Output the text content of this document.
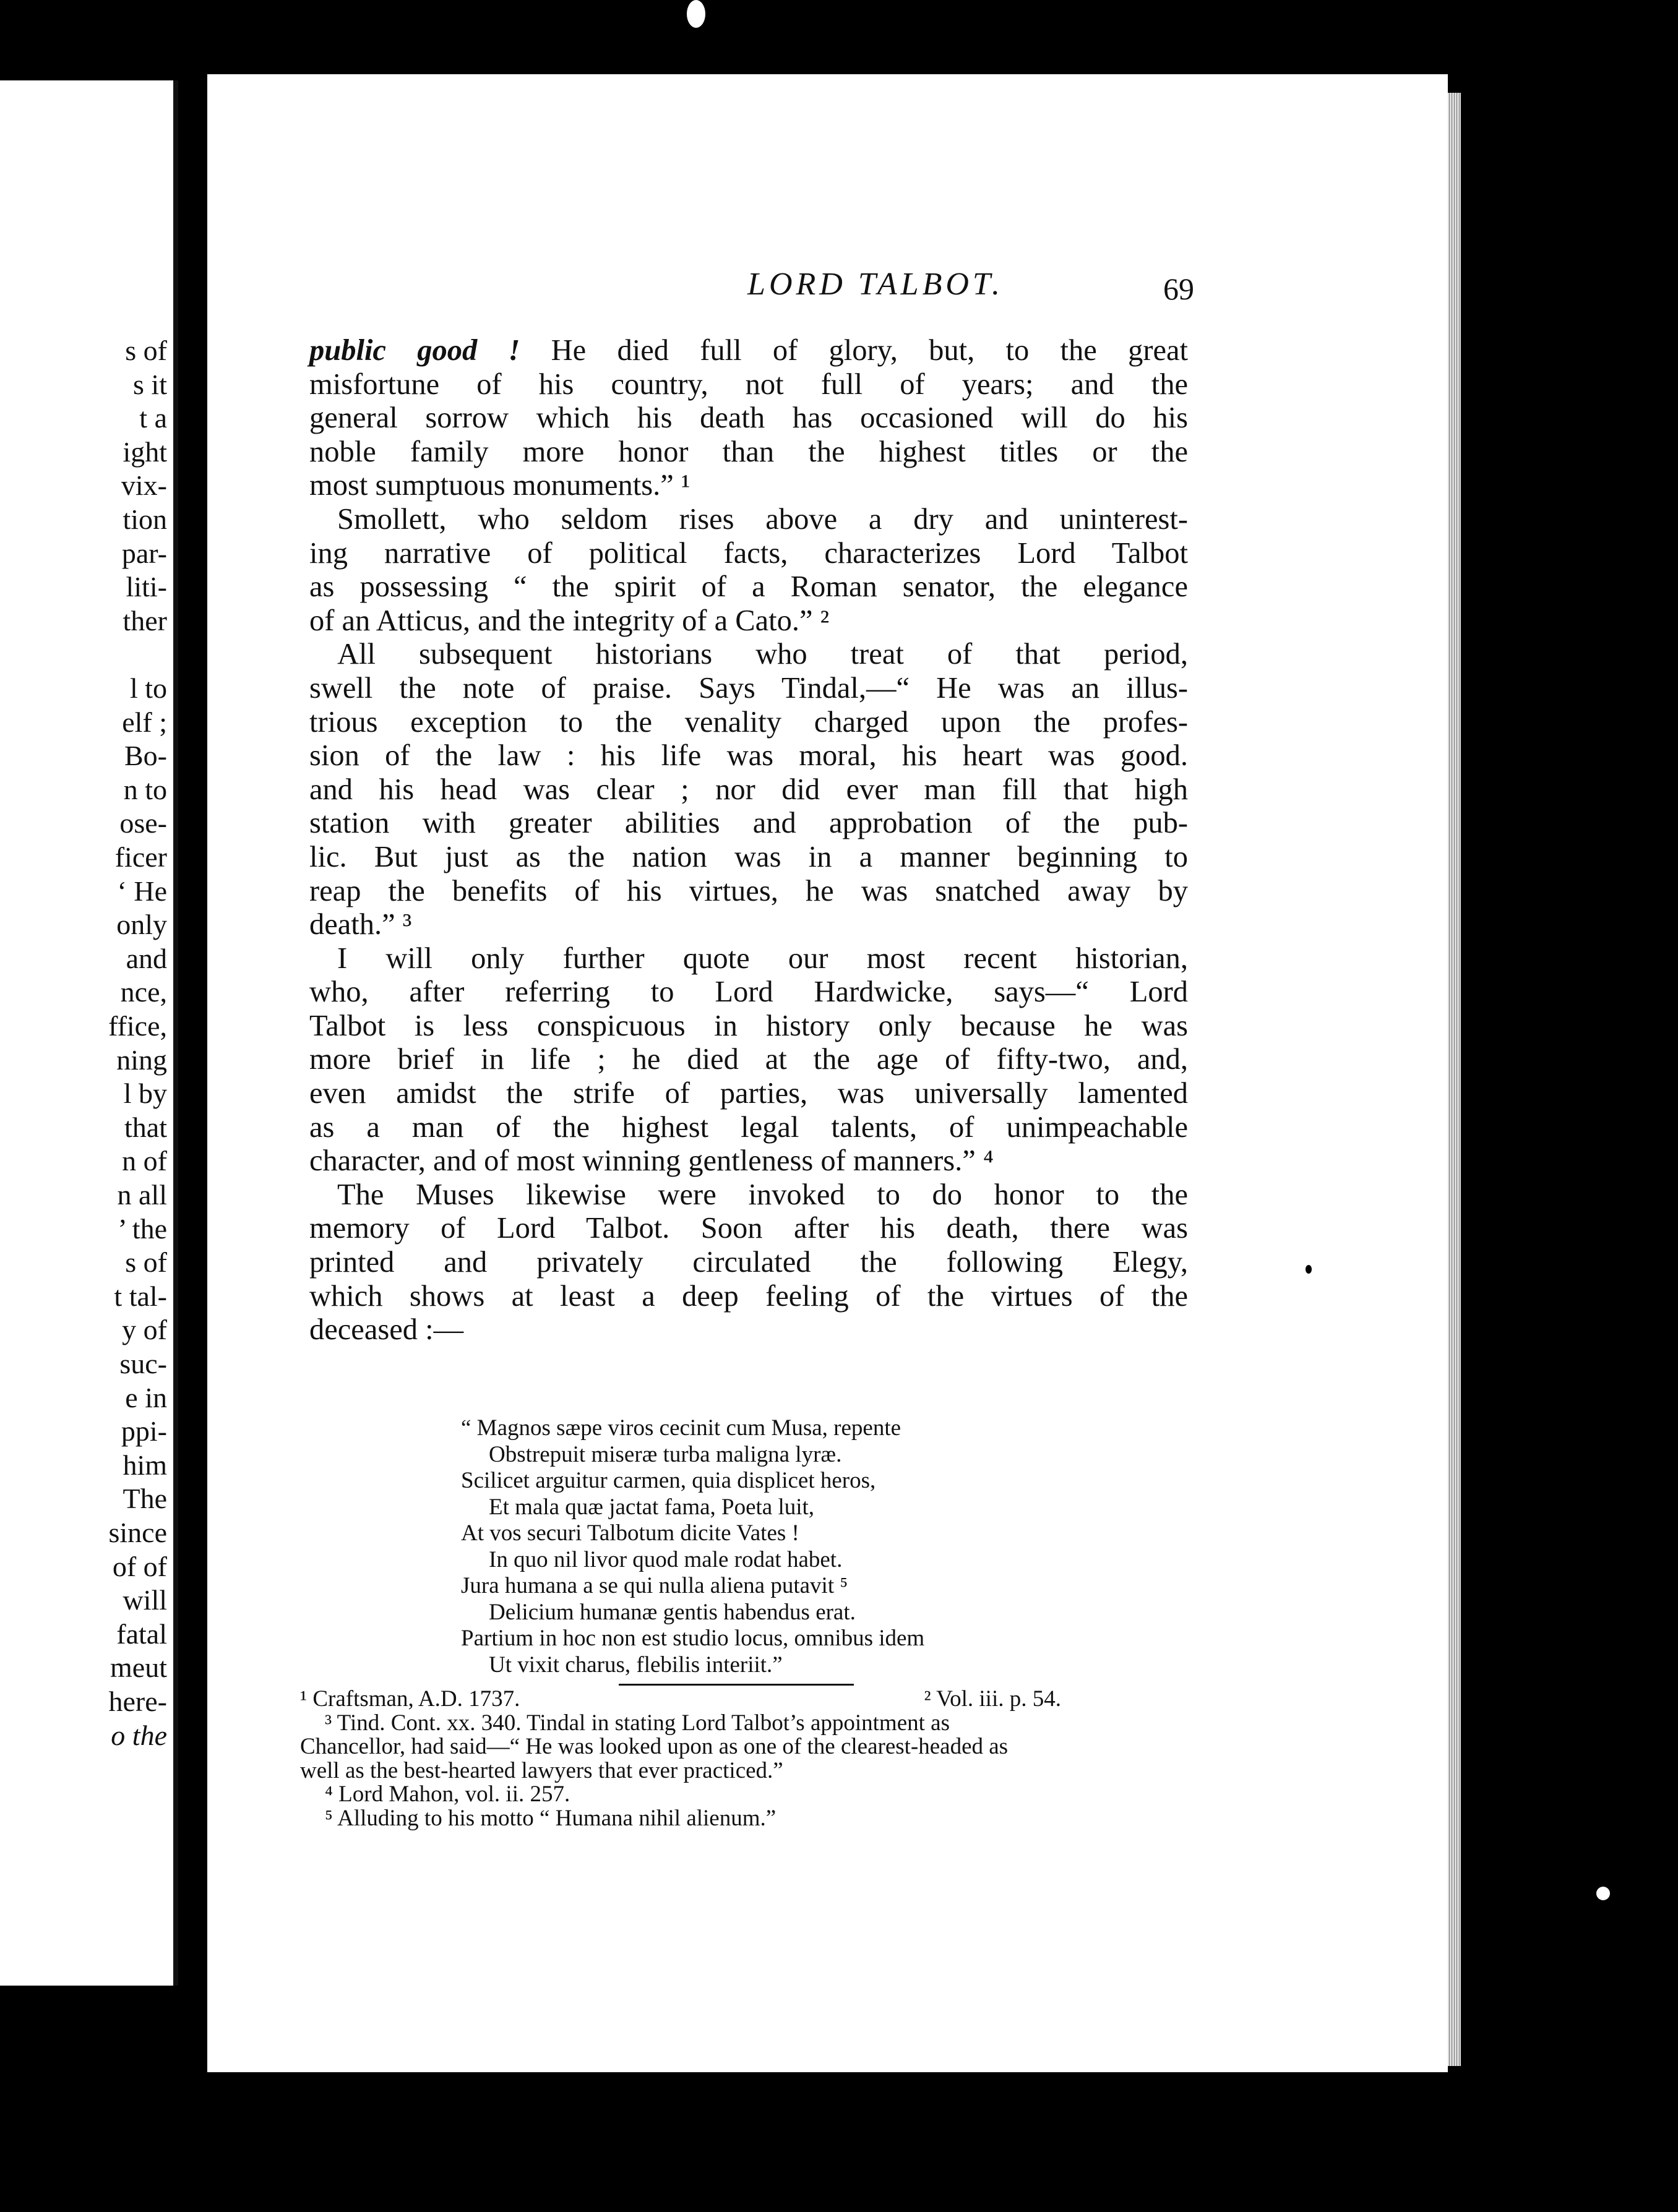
s of
s it
t a
ight
vix-
tion
par-
liti-
ther
l to
elf ;
Bo-
n to
ose-
ficer
‘ He
only
and
nce,
ffice,
ning
l by
that
n of
n all
’ the
s of
t tal-
y of
suc-
e in
ppi-
him
The
since
of of
will
fatal
meut
here-
o the
LORD TALBOT.	69
public good ! He died full of glory, but, to the great
misfortune of his country, not full of years; and the
general sorrow which his death has occasioned will do his
noble family more honor than the highest titles or the
most sumptuous monuments.” ¹
Smollett, who seldom rises above a dry and uninterest-
ing narrative of political facts, characterizes Lord Talbot
as possessing “ the spirit of a Roman senator, the elegance
of an Atticus, and the integrity of a Cato.” ²
All subsequent historians who treat of that period,
swell the note of praise. Says Tindal,—“ He was an illus-
trious exception to the venality charged upon the profes-
sion of the law : his life was moral, his heart was good.
and his head was clear ; nor did ever man fill that high
station with greater abilities and approbation of the pub-
lic. But just as the nation was in a manner beginning to
reap the benefits of his virtues, he was snatched away by
death.” ³
I will only further quote our most recent historian,
who, after referring to Lord Hardwicke, says—“ Lord
Talbot is less conspicuous in history only because he was
more brief in life ; he died at the age of fifty-two, and,
even amidst the strife of parties, was universally lamented
as a man of the highest legal talents, of unimpeachable
character, and of most winning gentleness of manners.” ⁴
The Muses likewise were invoked to do honor to the
memory of Lord Talbot. Soon after his death, there was
printed and privately circulated the following Elegy,
which shows at least a deep feeling of the virtues of the
deceased :—
“ Magnos sæpe viros cecinit cum Musa, repente
Obstrepuit miseræ turba maligna lyræ.
Scilicet arguitur carmen, quia displicet heros,
Et mala quæ jactat fama, Poeta luit,
At vos securi Talbotum dicite Vates !
In quo nil livor quod male rodat habet.
Jura humana a se qui nulla aliena putavit ⁵
Delicium humanæ gentis habendus erat.
Partium in hoc non est studio locus, omnibus idem
Ut vixit charus, flebilis interiit.”
¹ Craftsman, A.D. 1737.	² Vol. iii. p. 54.
³ Tind. Cont. xx. 340. Tindal in stating Lord Talbot’s appointment as
Chancellor, had said—“ He was looked upon as one of the clearest-headed as
well as the best-hearted lawyers that ever practiced.”
⁴ Lord Mahon, vol. ii. 257.
⁵ Alluding to his motto “ Humana nihil alienum.”
